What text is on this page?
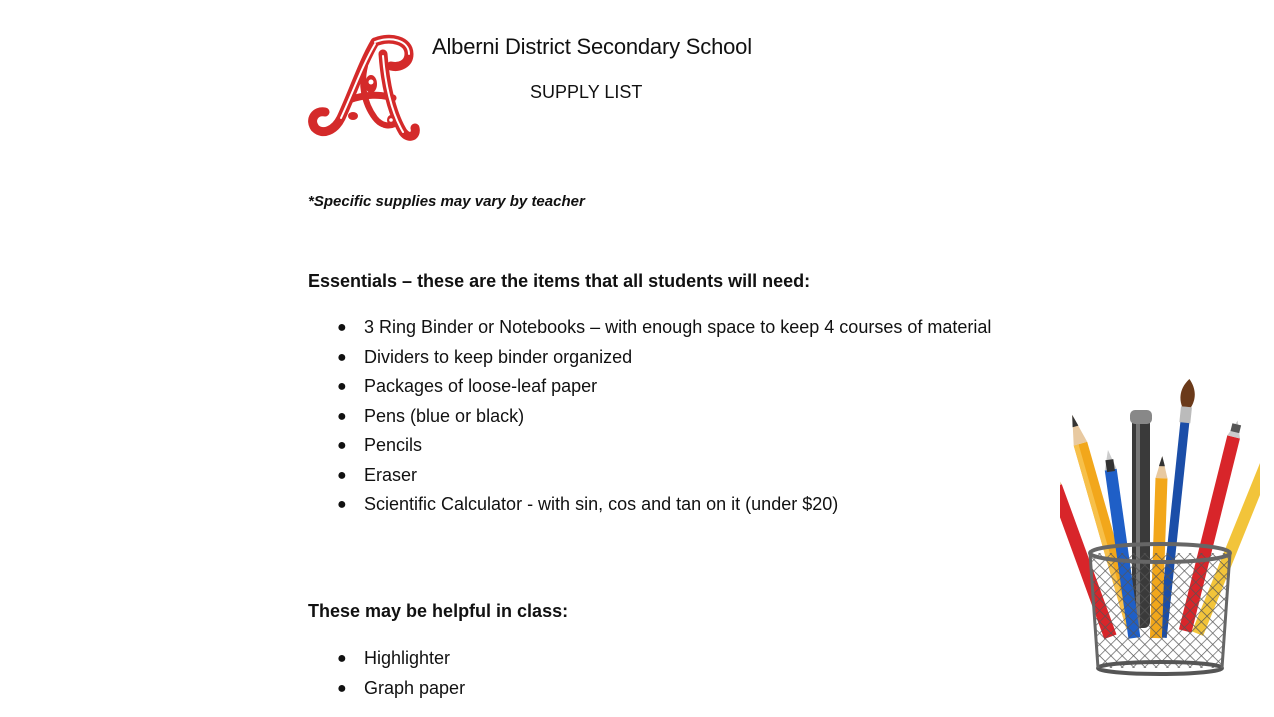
Alberni District Secondary School
SUPPLY LIST
*Specific supplies may vary by teacher
Essentials – these are the items that all students will need:
● 3 Ring Binder or Notebooks – with enough space to keep 4 courses of material
● Dividers to keep binder organized
● Packages of loose-leaf paper
● Pens (blue or black)
● Pencils
● Eraser
● Scientific Calculator - with sin, cos and tan on it (under $20)
These may be helpful in class:
● Highlighter
● Graph paper
